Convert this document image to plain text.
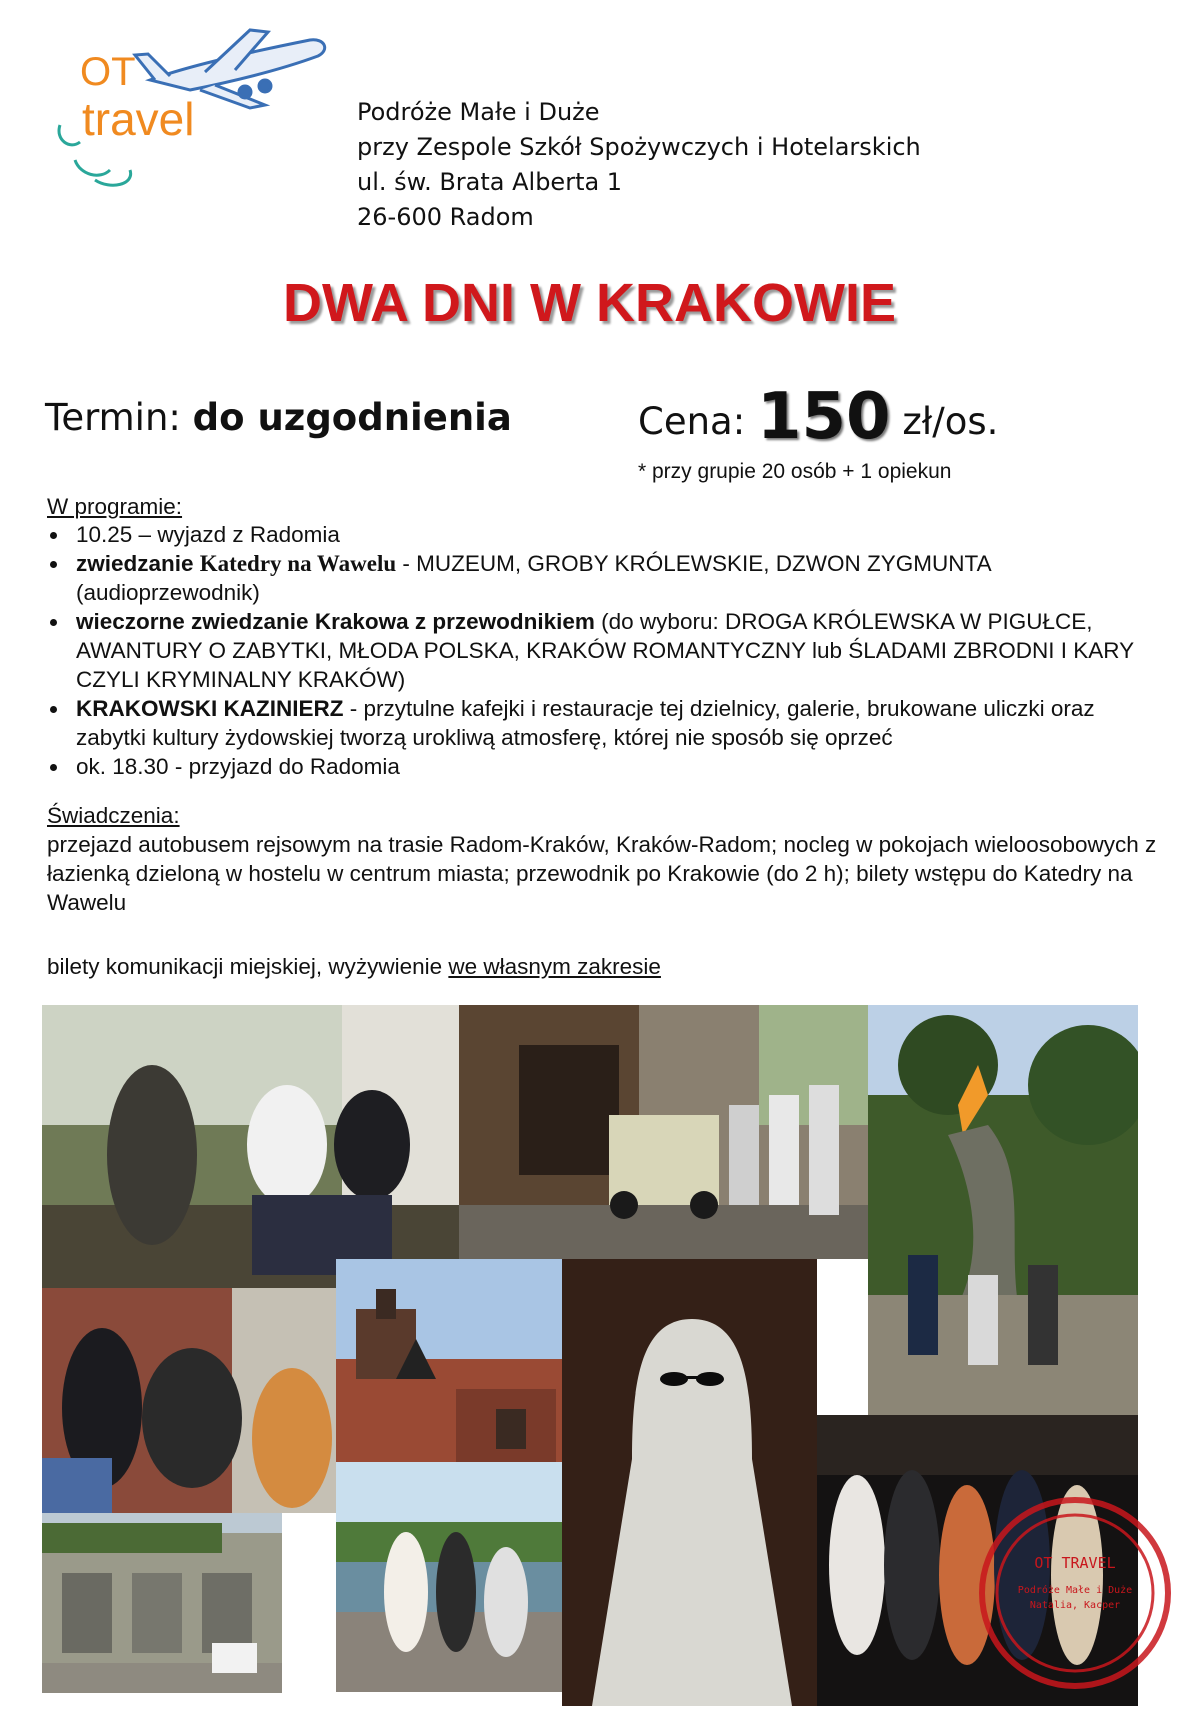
OT
travel	Podróże Małe i Duże
przy Zespole Szkół Spożywczych i Hotelarskich
ul. św. Brata Alberta 1
26-600 Radom
DWA DNI W KRAKOWIE
Termin: do uzgodnienia	Cena: 150 zł/os.
* przy grupie 20 osób + 1 opiekun
W programie:
10.25 – wyjazd z Radomia
zwiedzanie Katedry na Wawelu - MUZEUM, GROBY KRÓLEWSKIE, DZWON ZYGMUNTA (audioprzewodnik)
wieczorne zwiedzanie Krakowa z przewodnikiem (do wyboru: DROGA KRÓLEWSKA W PIGUŁCE, AWANTURY O ZABYTKI, MŁODA POLSKA, KRAKÓW ROMANTYCZNY lub ŚLADAMI ZBRODNI I KARY CZYLI KRYMINALNY KRAKÓW)
KRAKOWSKI KAZINIERZ - przytulne kafejki i restauracje tej dzielnicy, galerie, brukowane uliczki oraz zabytki kultury żydowskiej tworzą urokliwą atmosferę, której nie sposób się oprzeć
ok. 18.30 - przyjazd do Radomia
Świadczenia:
przejazd autobusem rejsowym na trasie Radom-Kraków, Kraków-Radom; nocleg w pokojach wieloosobowych z łazienką dzieloną w hostelu w centrum miasta; przewodnik po Krakowie (do 2 h); bilety wstępu do Katedry na Wawelu
bilety komunikacji miejskiej, wyżywienie we własnym zakresie
OT TRAVEL
Podróże Małe i Duże
Natalia, Kacper
